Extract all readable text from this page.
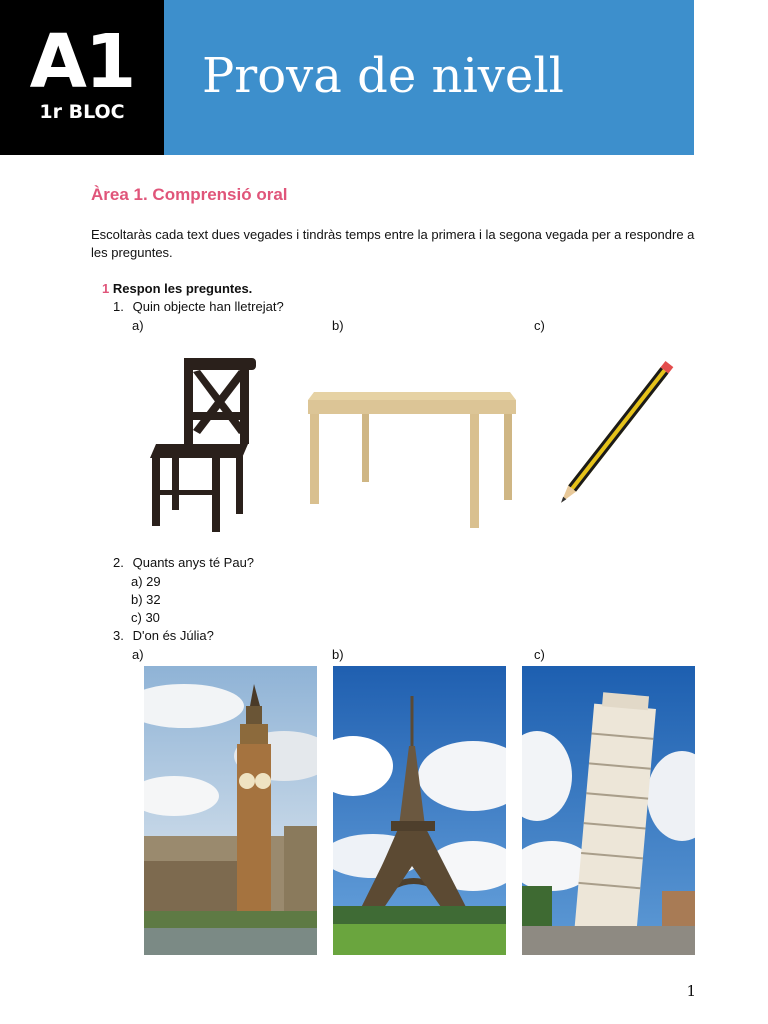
A1
1r BLOC
Prova de nivell
Àrea 1. Comprensió oral
Escoltaràs cada text dues vegades i tindràs temps entre la primera i la segona vegada per a respondre a les preguntes.
1 Respon les preguntes.
1. Quin objecte han lletrejat?
a)	b)	c)
2. Quants anys té Pau?
a) 29
b) 32
c) 30
3. D'on és Júlia?
a)	b)	c)
1
